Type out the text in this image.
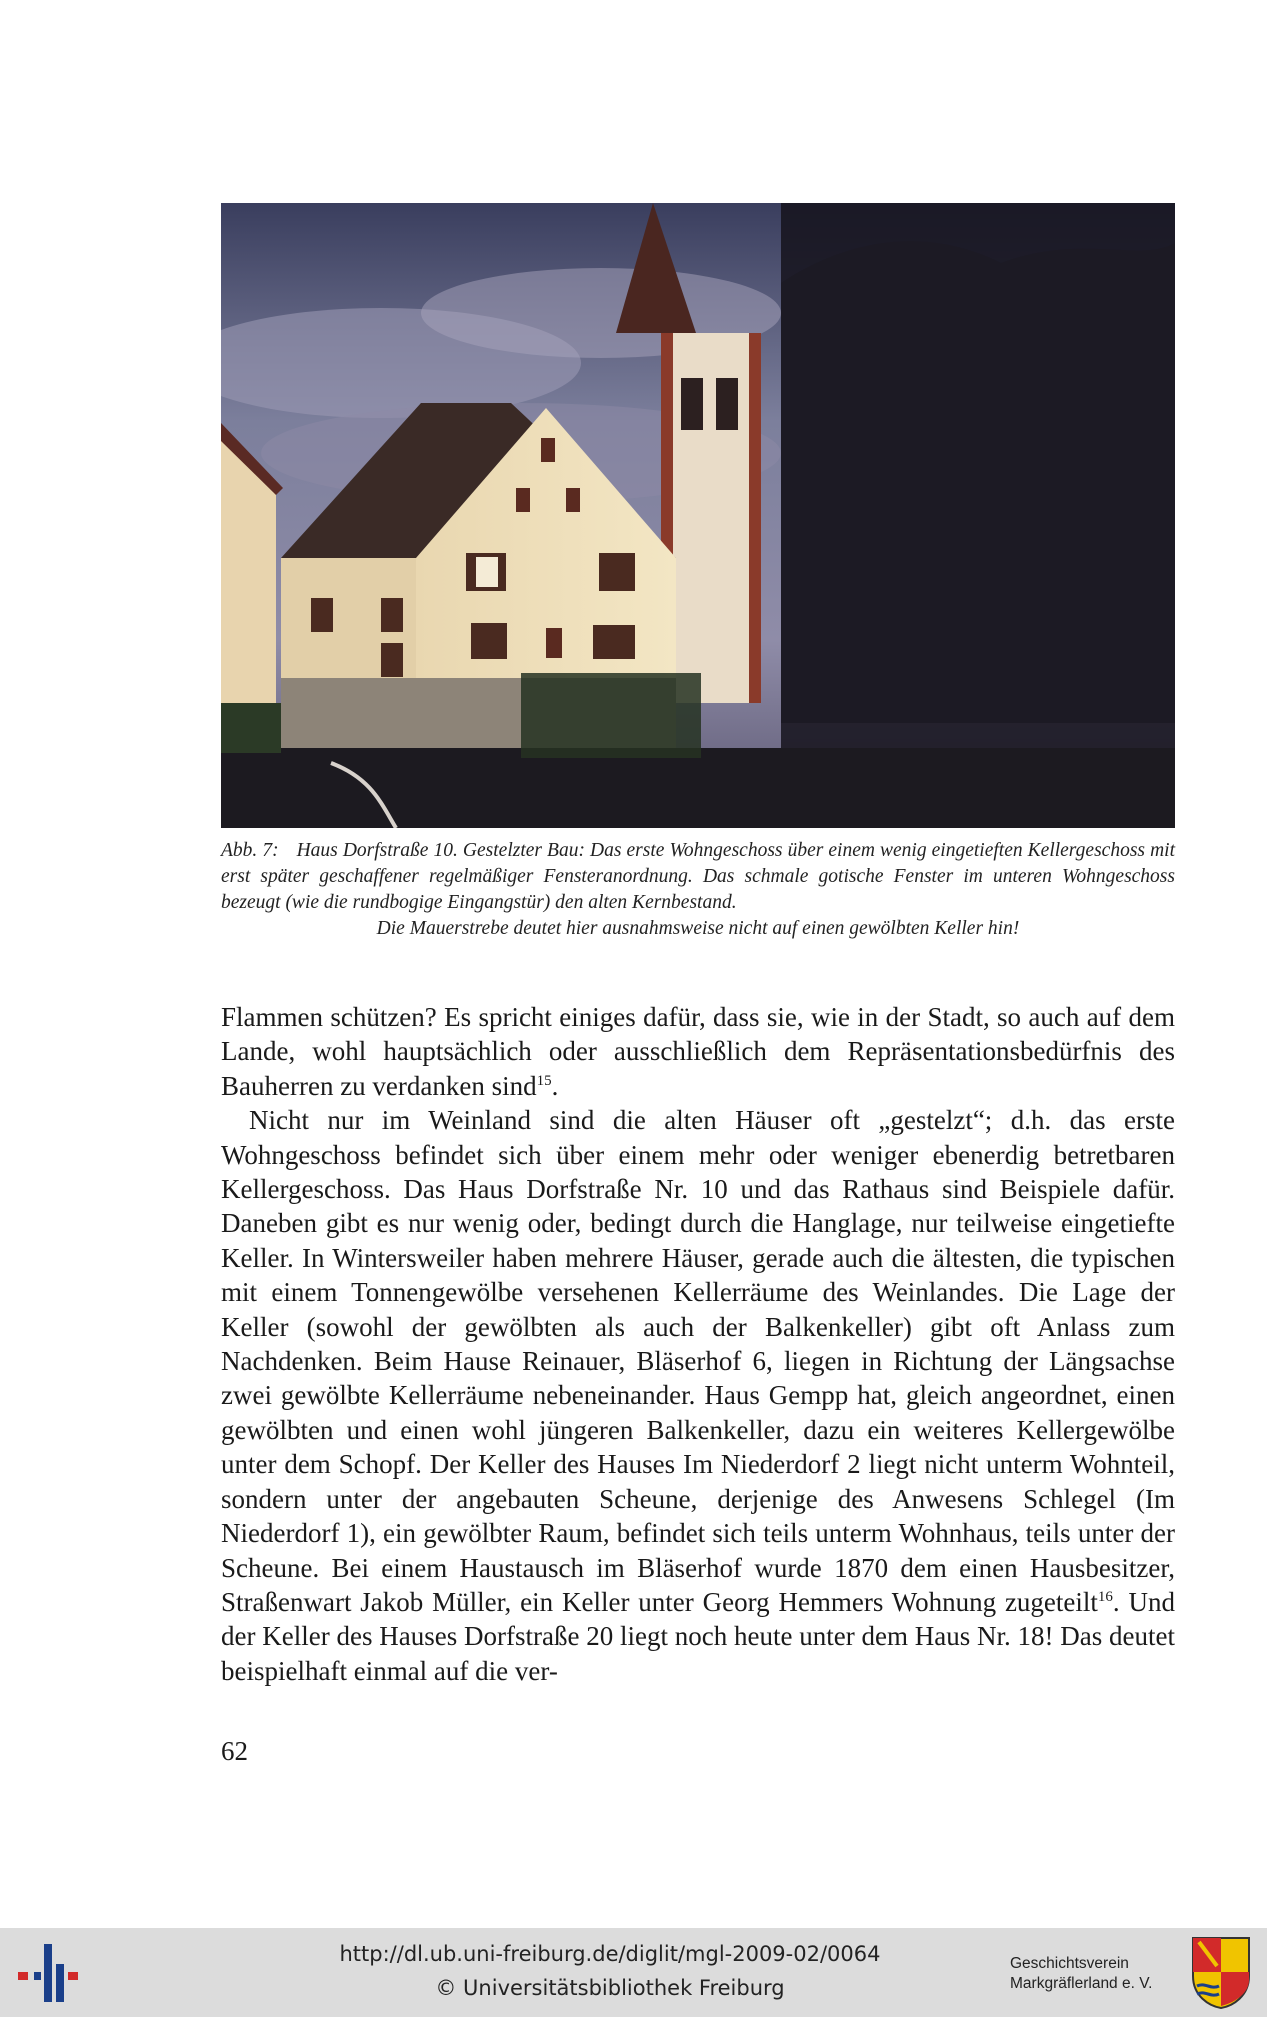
Abb. 7: Haus Dorfstraße 10. Gestelzter Bau: Das erste Wohngeschoss über einem wenig eingetieften Kellergeschoss mit erst später geschaffener regelmäßiger Fensteranordnung. Das schmale gotische Fenster im unteren Wohngeschoss bezeugt (wie die rundbogige Eingangstür) den alten Kernbestand.
Die Mauerstrebe deutet hier ausnahmsweise nicht auf einen gewölbten Keller hin!

Flammen schützen? Es spricht einiges dafür, dass sie, wie in der Stadt, so auch auf dem Lande, wohl hauptsächlich oder ausschließlich dem Repräsentationsbedürfnis des Bauherren zu verdanken sind$^{15}$.

Nicht nur im Weinland sind die alten Häuser oft „gestelzt“; d.h. das erste Wohngeschoss befindet sich über einem mehr oder weniger ebenerdig betretbaren Kellergeschoss. Das Haus Dorfstraße Nr. 10 und das Rathaus sind Beispiele dafür. Daneben gibt es nur wenig oder, bedingt durch die Hanglage, nur teilweise eingetiefte Keller. In Wintersweiler haben mehrere Häuser, gerade auch die ältesten, die typischen mit einem Tonnengewölbe versehenen Kellerräume des Weinlandes. Die Lage der Keller (sowohl der gewölbten als auch der Balkenkeller) gibt oft Anlass zum Nachdenken. Beim Hause Reinauer, Bläserhof 6, liegen in Richtung der Längsachse zwei gewölbte Kellerräume nebeneinander. Haus Gempp hat, gleich angeordnet, einen gewölbten und einen wohl jüngeren Balkenkeller, dazu ein weiteres Kellergewölbe unter dem Schopf. Der Keller des Hauses Im Niederdorf 2 liegt nicht unterm Wohnteil, sondern unter der angebauten Scheune, derjenige des Anwesens Schlegel (Im Niederdorf 1), ein gewölbter Raum, befindet sich teils unterm Wohnhaus, teils unter der Scheune. Bei einem Haustausch im Bläserhof wurde 1870 dem einen Hausbesitzer, Straßenwart Jakob Müller, ein Keller unter Georg Hemmers Wohnung zugeteilt$^{16}$. Und der Keller des Hauses Dorfstraße 20 liegt noch heute unter dem Haus Nr. 18! Das deutet beispielhaft einmal auf die ver-

62
http://dl.ub.uni-freiburg.de/diglit/mgl-2009-02/0064
© Universitätsbibliothek Freiburg
Geschichtsverein
Markgräflerland e. V.
